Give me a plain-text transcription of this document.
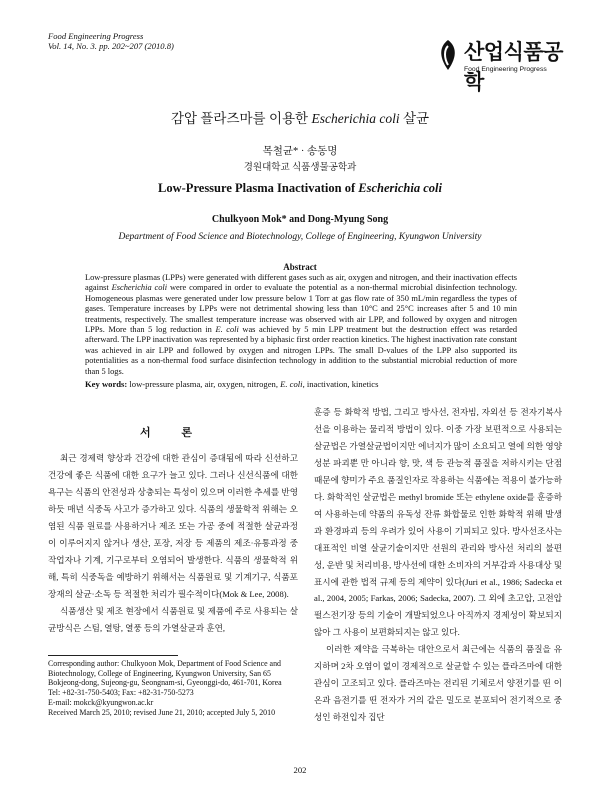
Food Engineering Progress
Vol. 14, No. 3. pp. 202~207 (2010.8)	산업식품공학
Food Engineering Progress
감압 플라즈마를 이용한 Escherichia coli 살균
목철균* · 송동명
경원대학교 식품생물공학과
Low-Pressure Plasma Inactivation of Escherichia coli
Chulkyoon Mok* and Dong-Myung Song
Department of Food Science and Biotechnology, College of Engineering, Kyungwon University
Abstract
Low-pressure plasmas (LPPs) were generated with different gases such as air, oxygen and nitrogen, and their inactivation effects against Escherichia coli were compared in order to evaluate the potential as a non-thermal microbial disinfection technology. Homogeneous plasmas were generated under low pressure below 1 Torr at gas flow rate of 350 mL/min regardless the types of gases. Temperature increases by LPPs were not detrimental showing less than 10°C and 25°C increases after 5 and 10 min treatments, respectively. The smallest temperature increase was observed with air LPP, and followed by oxygen and nitrogen LPPs. More than 5 log reduction in E. coli was achieved by 5 min LPP treatment but the destruction effect was retarded afterward. The LPP inactivation was represented by a biphasic first order reaction kinetics. The highest inactivation rate constant was achieved in air LPP and followed by oxygen and nitrogen LPPs. The small D-values of the LPP also supported its potentialities as a non-thermal food surface disinfection technology in addition to the substantial microbial reduction of more than 5 logs.
Key words: low-pressure plasma, air, oxygen, nitrogen, E. coli, inactivation, kinetics
서 론

최근 경제력 향상과 건강에 대한 관심이 증대됨에 따라 신선하고 건강에 좋은 식품에 대한 요구가 늘고 있다. 그러나 신선식품에 대한 욕구는 식품의 안전성과 상충되는 특성이 있으며 이러한 추세를 반영하듯 매년 식중독 사고가 증가하고 있다. 식품의 생물학적 위해는 오염된 식품 원료를 사용하거나 제조 또는 가공 중에 적절한 살균과정이 이루어지지 않거나 생산, 포장, 저장 등 제품의 제조·유통과정 중 작업자나 기계, 기구로부터 오염되어 발생한다. 식품의 생물학적 위해, 특히 식중독을 예방하기 위해서는 식품원료 및 기계기구, 식품포장재의 살균·소독 등 적절한 처리가 필수적이다(Mok & Lee, 2008).

식품생산 및 제조 현장에서 식품원료 및 제품에 주로 사용되는 살균방식은 스팀, 열탕, 열풍 등의 가열살균과 훈연,

훈증 등 화학적 방법, 그리고 방사선, 전자빔, 자외선 등 전자기복사선을 이용하는 물리적 방법이 있다. 이중 가장 보편적으로 사용되는 살균법은 가열살균법이지만 에너지가 많이 소요되고 열에 의한 영양성분 파괴뿐 만 아니라 향, 맛, 색 등 관능적 품질을 저하시키는 단점 때문에 향미가 주요 품질인자로 작용하는 식품에는 적용이 불가능하다. 화학적인 살균법은 methyl bromide 또는 ethylene oxide를 훈증하여 사용하는데 약품의 유독성 잔류 화합물로 인한 화학적 위해 발생과 환경파괴 등의 우려가 있어 사용이 기피되고 있다. 방사선조사는 대표적인 비열 살균기술이지만 선원의 관리와 방사선 처리의 불편성, 운반 및 처리비용, 방사선에 대한 소비자의 거부감과 사용대상 및 표시에 관한 법적 규제 등의 제약이 있다(Juri et al., 1986; Sadecka et al., 2004, 2005; Farkas, 2006; Sadecka, 2007). 그 외에 초고압, 고전압펄스전기장 등의 기술이 개발되었으나 아직까지 경제성이 확보되지 않아 그 사용이 보편화되지는 않고 있다.

이러한 제약을 극복하는 대안으로서 최근에는 식품의 품질을 유지하며 2차 오염이 없이 경제적으로 살균할 수 있는 플라즈마에 대한 관심이 고조되고 있다. 플라즈마는 전리된 기체로서 양전기를 띤 이온과 음전기를 띤 전자가 거의 같은 밀도로 분포되어 전기적으로 중성인 하전입자 집단

Corresponding author: Chulkyoon Mok, Department of Food Science and Biotechnology, College of Engineering, Kyungwon University, San 65 Bokjeong-dong, Sujeong-gu, Seongnam-si, Gyeonggi-do, 461-701, Korea
Tel: +82-31-750-5403; Fax: +82-31-750-5273
E-mail: mokck@kyungwon.ac.kr
Received March 25, 2010; revised June 21, 2010; accepted July 5, 2010
202
